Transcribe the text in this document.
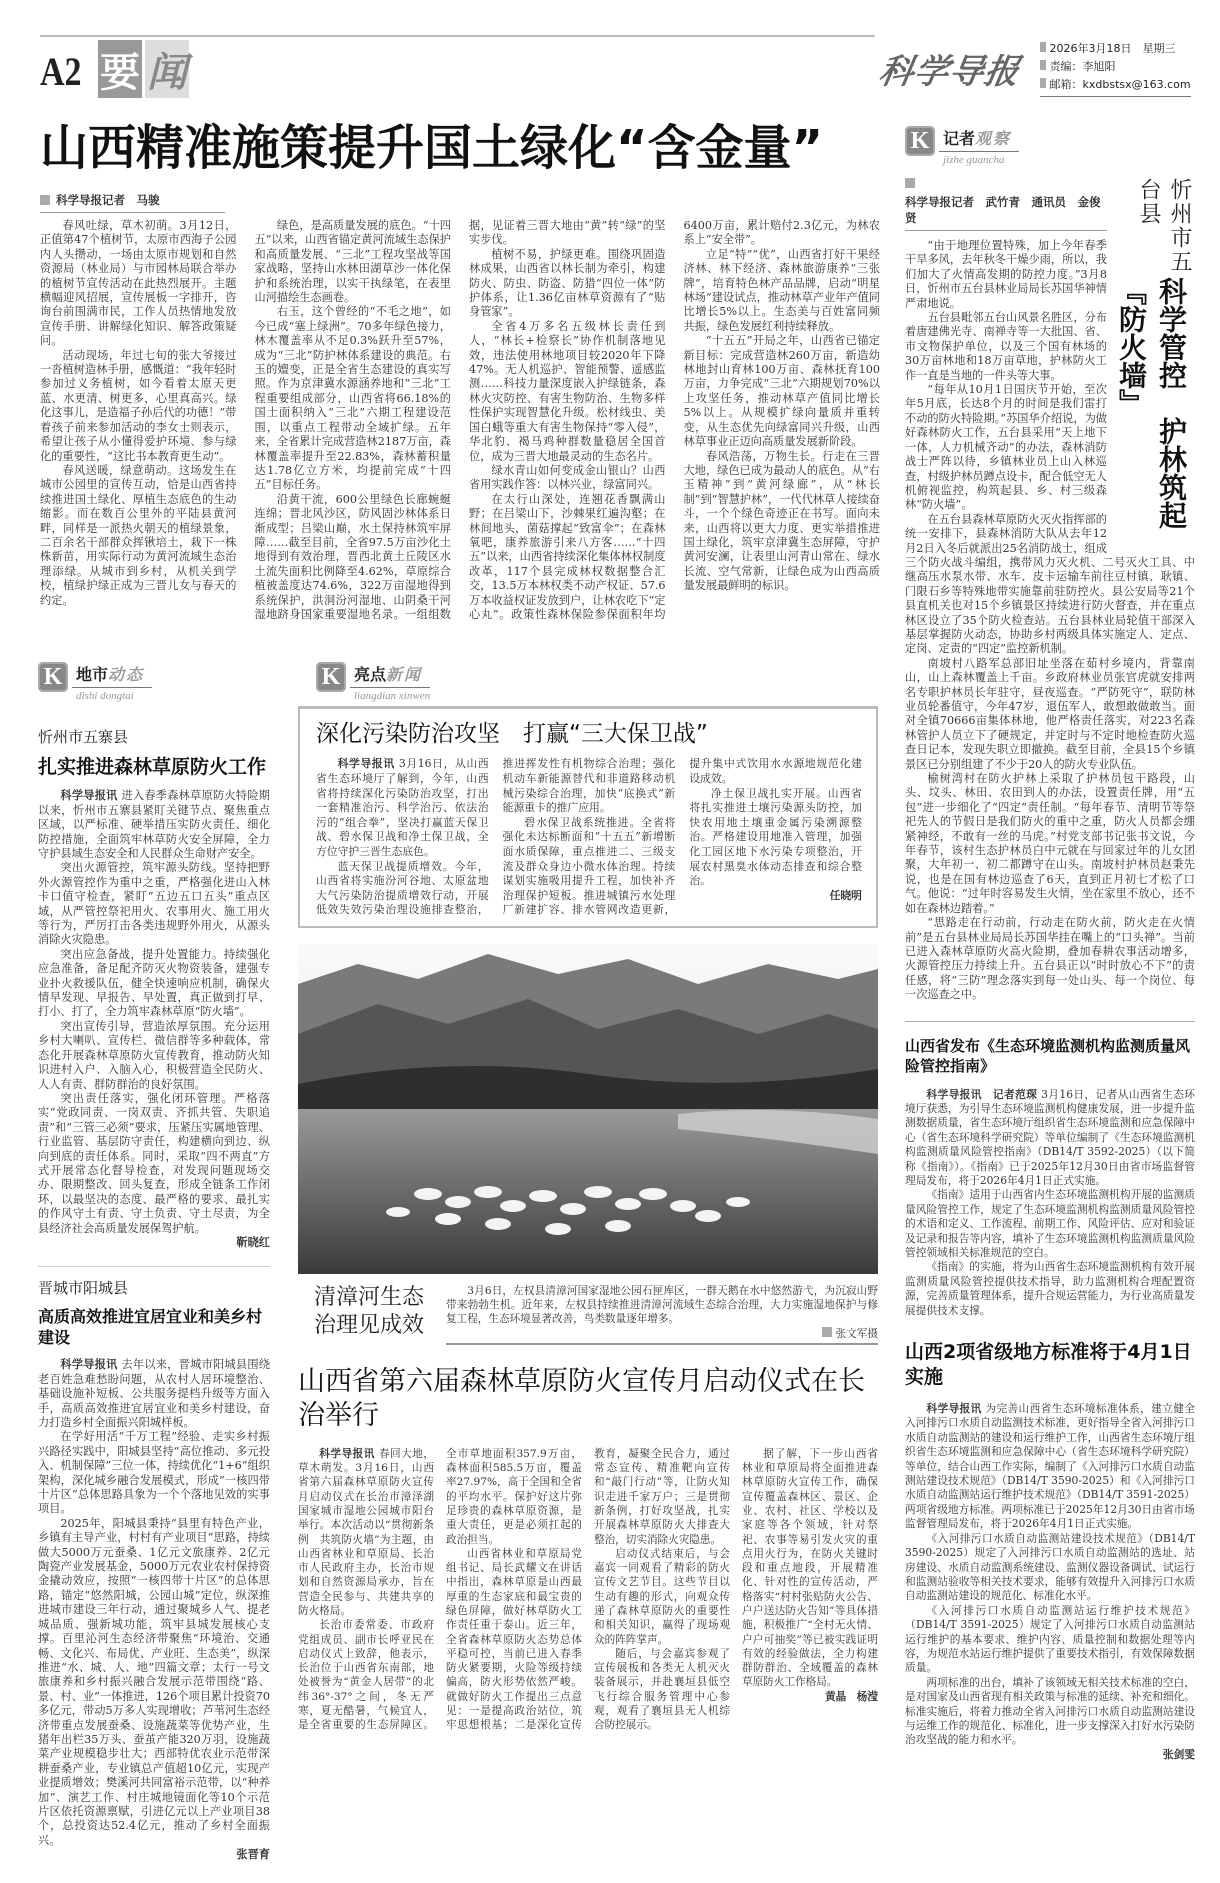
A2 要 闻	科学导报
2026年3月18日　星期三
责编：李旭阳
邮箱：kxdbstsx@163.com
山西精准施策提升国土绿化“含金量”
科学导报记者　马骏

春风吐绿，草木初萌。3月12日，正值第47个植树节，太原市西海子公园内人头攒动，一场由太原市规划和自然资源局（林业局）与市园林局联合举办的植树节宣传活动在此热烈展开。主题横幅迎风招展，宣传展板一字排开，咨询台前围满市民，工作人员热情地发放宣传手册、讲解绿化知识、解答政策疑问。

活动现场，年过七旬的张大爷接过一沓植树造林手册，感慨道：“我年轻时参加过义务植树，如今看着太原天更蓝、水更清、树更多，心里真高兴。绿化这事儿，是造福子孙后代的功德！”带着孩子前来参加活动的李女士则表示，希望让孩子从小懂得爱护环境、参与绿化的重要性，“这比书本教育更生动”。

春风送暖，绿意萌动。这场发生在城市公园里的宣传互动，恰是山西省持续推进国土绿化、厚植生态底色的生动缩影。而在数百公里外的平陆县黄河畔，同样是一派热火朝天的植绿景象，二百余名干部群众挥锹培土，栽下一株株新苗，用实际行动为黄河流域生态治理添绿。从城市到乡村，从机关到学校，植绿护绿正成为三晋儿女与春天的约定。

绿色，是高质量发展的底色。“十四五”以来，山西省锚定黄河流域生态保护和高质量发展、“三北”工程攻坚战等国家战略，坚持山水林田湖草沙一体化保护和系统治理，以实干执绿笔，在表里山河描绘生态画卷。

右玉，这个曾经的“不毛之地”，如今已成“塞上绿洲”。70多年绿色接力，林木覆盖率从不足0.3%跃升至57%，成为“三北”防护林体系建设的典范。右玉的嬗变，正是全省生态建设的真实写照。作为京津冀水源涵养地和“三北”工程重要组成部分，山西省将66.18%的国土面积纳入“三北”六期工程建设范围，以重点工程带动全域扩绿。五年来，全省累计完成营造林2187万亩，森林覆盖率提升至22.83%，森林蓄积量达1.78亿立方米，均提前完成“十四五”目标任务。

沿黄干流，600公里绿色长廊蜿蜒连绵；晋北风沙区，防风固沙林体系日渐成型；吕梁山巅，水土保持林筑牢屏障……截至目前，全省97.5万亩沙化土地得到有效治理，晋西北黄土丘陵区水土流失面积比例降至4.62%，草原综合植被盖度达74.6%，322万亩湿地得到系统保护，洪洞汾河湿地、山阴桑干河湿地跻身国家重要湿地名录。一组组数据，见证着三晋大地由“黄”转“绿”的坚实步伐。

植树不易，护绿更难。围绕巩固造林成果，山西省以林长制为牵引，构建防火、防虫、防盗、防猎“四位一体”防护体系，让1.36亿亩林草资源有了“贴身管家”。

全省4万多名五级林长责任到人，“林长+检察长”协作机制落地见效，违法使用林地项目较2020年下降47%。无人机巡护、智能预警、遥感监测……科技力量深度嵌入护绿链条，森林火灾防控、有害生物防治、生物多样性保护实现智慧化升级。松材线虫、美国白蛾等重大有害生物保持“零入侵”，华北豹、褐马鸡种群数量稳居全国首位，成为三晋大地最灵动的生态名片。

绿水青山如何变成金山银山？山西省用实践作答：以林兴业，绿富同兴。

在太行山深处，连翘花香飘满山野；在吕梁山下，沙棘果红遍沟壑；在林间地头，菌菇撑起“致富伞”；在森林氧吧，康养旅游引来八方客……“十四五”以来，山西省持续深化集体林权制度改革，117个县完成林权数据整合汇交，13.5万本林权类不动产权证、57.6万本收益权证发放到户，让林农吃下“定心丸”。政策性森林保险参保面积年均6400万亩，累计赔付2.3亿元，为林农系上“安全带”。

立足“特”“优”，山西省打好干果经济林、林下经济、森林旅游康养“三张牌”，培育特色林产品品牌，启动“明星林场”建设试点，推动林草产业年产值同比增长5%以上。生态美与百姓富同频共振，绿色发展红利持续释放。

“十五五”开局之年，山西省已锚定新目标：完成营造林260万亩，新造幼林地封山育林100万亩、森林抚育100万亩，力争完成“三北”六期规划70%以上攻坚任务，推动林草产值同比增长5%以上。从规模扩绿向量质并重转变，从生态优先向绿富同兴升级，山西林草事业正迈向高质量发展新阶段。

春风浩荡，万物生长。行走在三晋大地，绿色已成为最动人的底色。从“右玉精神”到“黄河绿廊”，从“林长制”到“智慧护林”，一代代林草人接续奋斗，一个个绿色奇迹正在书写。面向未来，山西将以更大力度、更实举措推进国土绿化，筑牢京津冀生态屏障，守护黄河安澜，让表里山河青山常在、绿水长流、空气常新，让绿色成为山西高质量发展最鲜明的标识。

K 地市动态
dishi dongtai
忻州市五寨县
扎实推进森林草原防火工作

科学导报讯 进入春季森林草原防火特险期以来，忻州市五寨县紧盯关键节点、聚焦重点区域，以严标准、硬举措压实防火责任、细化防控措施，全面筑牢林草防火安全屏障，全力守护县域生态安全和人民群众生命财产安全。

突出火源管控，筑牢源头防线。坚持把野外火源管控作为重中之重，严格强化进山入林卡口值守检查，紧盯“五边五口五头”重点区域，从严管控祭祀用火、农事用火、施工用火等行为，严厉打击各类违规野外用火，从源头消除火灾隐患。

突出应急备战，提升处置能力。持续强化应急准备，备足配齐防灭火物资装备，建强专业扑火救援队伍，健全快速响应机制，确保火情早发现、早报告、早处置，真正做到打早、打小、打了，全力筑牢森林草原“防火墙”。

突出宣传引导，营造浓厚氛围。充分运用乡村大喇叭、宣传栏、微信群等多种载体，常态化开展森林草原防火宣传教育，推动防火知识进村入户、入脑入心，积极营造全民防火、人人有责、群防群治的良好氛围。

突出责任落实，强化闭环管理。严格落实“党政同责、一岗双责、齐抓共管、失职追责”和“三管三必须”要求，压紧压实属地管理、行业监管、基层防守责任，构建横向到边、纵向到底的责任体系。同时，采取“四不两直”方式开展常态化督导检查，对发现问题现场交办、限期整改、回头复查，形成全链条工作闭环，以最坚决的态度、最严格的要求、最扎实的作风守土有责、守土负责、守土尽责，为全县经济社会高质量发展保驾护航。

靳晓红
晋城市阳城县
高质高效推进宜居宜业和美乡村建设

科学导报讯 去年以来，晋城市阳城县围绕老百姓急难愁盼问题，从农村人居环境整治、基础设施补短板、公共服务提档升级等方面入手，高质高效推进宜居宜业和美乡村建设，奋力打造乡村全面振兴阳城样板。

在学好用活“千万工程”经验、走实乡村振兴路径实践中，阳城县坚持“高位推动、多元投入、机制保障”三位一体，持续优化“1+6”组织架构，深化城乡融合发展模式，形成“一核四带十片区”总体思路具象为一个个落地见效的实事项目。

2025年，阳城县秉持“县里有特色产业，乡镇有主导产业，村村有产业项目”思路，持续做大5000万元蚕桑、1亿元文旅康养、2亿元陶瓷产业发展基金，5000万元农业农村保持资金撬动效应，按照“一核四带十片区”的总体思路，锚定“悠然阳城，公园山城”定位，纵深推进城市建设三年行动，通过聚城乡人气、提老城品质、强新城功能，筑牢县城发展核心支撑。百里沁河生态经济带聚焦“环境治、交通畅、文化兴、布局优、产业旺、生态美”，纵深推进“水、城、人、地”四篇文章；太行一号文旅康养和乡村振兴融合发展示范带围绕“路、景、村、业”一体推进，126个项目累计投资70多亿元，带动5万多人实现增收；芦苇河生态经济带重点发展蚕桑、设施蔬菜等优势产业，生猪年出栏35万头、蚕茧产能320万羽，设施蔬菜产业规模稳步壮大；西部特优农业示范带深耕蚕桑产业，专业镇总产值超10亿元，实现产业提质增效；樊溪河共同富裕示范带，以“种养加”、演艺工作、村庄城地镜面化等10个示范片区依托资源禀赋，引进亿元以上产业项目38个，总投资达52.4亿元，推动了乡村全面振兴。

张晋育
K 亮点新闻
liangdian xinwen
深化污染防治攻坚　打赢“三大保卫战”

科学导报讯 3月16日，从山西省生态环境厅了解到，今年，山西省将持续深化污染防治攻坚，打出一套精准治污、科学治污、依法治污的“组合拳”，坚决打赢蓝天保卫战、碧水保卫战和净土保卫战，全方位守护三晋生态底色。

蓝天保卫战提质增效。今年，山西省将实施汾河谷地、太原盆地大气污染防治提质增效行动，开展低效失效污染治理设施排查整治，推进挥发性有机物综合治理；强化机动车新能源替代和非道路移动机械污染综合治理，加快“底换式”新能源重卡的推广应用。

碧水保卫战系统推进。全省将强化未达标断面和“十五五”新增断面水质保障，重点推进二、三级支流及群众身边小微水体治理。持续谋划实施吸用提升工程，加快补齐治理保护短板。推进城镇污水处理厂新建扩容、排水管网改造更新，提升集中式饮用水水源地规范化建设成效。

净土保卫战扎实开展。山西省将扎实推进土壤污染源头防控，加快农用地土壤重金属污染溯源整治。严格建设用地准入管理，加强化工园区地下水污染专项整治，开展农村黑臭水体动态排查和综合整治。

任晓明
清漳河生态
治理见成效

3月6日，左权县清漳河国家湿地公园石匣库区，一群天鹅在水中悠然游弋，为沉寂山野带来勃勃生机。近年来，左权县持续推进清漳河流域生态综合治理，大力实施湿地保护与修复工程，生态环境显著改善，鸟类数量逐年增多。

张文军摄
山西省第六届森林草原防火宣传月启动仪式在长治举行

科学导报讯 春回大地，草木萌发。3月16日，山西省第六届森林草原防火宣传月启动仪式在长治市漳泽湖国家城市湿地公园城市阳台举行。本次活动以“贯彻新条例　共筑防火墙”为主题，由山西省林业和草原局、长治市人民政府主办，长治市规划和自然资源局承办，旨在营造全民参与、共建共享的防火格局。

长治市委常委、市政府党组成员、副市长呼亚民在启动仪式上致辞，他表示，长治位于山西省东南部，地处被誉为“黄金人居带”的北纬36°-37°之间，冬无严寒，夏无酷暑，气候宜人，是全省重要的生态屏障区。全市草地面积357.9万亩，森林面积585.5万亩，覆盖率27.97%，高于全国和全省的平均水平。保护好这片弥足珍贵的森林草原资源，是重大责任，更是必须扛起的政治担当。

山西省林业和草原局党组书记、局长武耀文在讲话中指出，森林草原是山西最厚重的生态家底和最宝贵的绿色屏障，做好林草防火工作责任重于泰山。近三年，全省森林草原防火态势总体平稳可控，当前已进入春季防火紧要期，火险等级持续偏高，防火形势依然严峻。就做好防火工作提出三点意见：一是提高政治站位，筑牢思想根基；二是深化宣传教育，凝聚全民合力，通过常态宣传、精准靶向宣传和“敲门行动”等，让防火知识走进千家万户；三是贯彻新条例，打好攻坚战，扎实开展森林草原防火大排查大整治，切实消除火灾隐患。

启动仪式结束后，与会嘉宾一同观看了精彩的防火宣传文艺节目。这些节目以生动有趣的形式，向观众传递了森林草原防火的重要性和相关知识，赢得了现场观众的阵阵掌声。

随后，与会嘉宾参观了宣传展板和各类无人机灭火装备展示，并赴襄垣县低空飞行综合服务管理中心参观，观看了襄垣县无人机综合防控展示。

据了解，下一步山西省林业和草原局将全面推进森林草原防火宣传工作，确保宣传覆盖森林区、景区、企业、农村、社区、学校以及家庭等各个领域，针对祭祀、农事等易引发火灾的重点用火行为，在防火关键时段和重点地段，开展精准化、针对性的宣传活动，严格落实“村村张贴防火公告、户户送达防火告知”等具体措施，积极推广“全村无火情、户户可抽奖”等已被实践证明有效的经验做法，全力构建群防群治、全域覆盖的森林草原防火工作格局。

黄晶　杨滢
K 记者观察
jizhe guancha
忻州市五台县
科学管控　护林筑起『防火墙』
科学导报记者　武竹青　通讯员　金俊贤

“由于地理位置特殊，加上今年春季干旱多风，去年秋冬干燥少雨，所以，我们加大了火情高发期的防控力度。”3月8日，忻州市五台县林业局局长苏国华神情严肃地说。

五台县毗邻五台山风景名胜区，分布着唐建佛光寺、南禅寺等一大批国、省、市文物保护单位，以及三个国有林场的30万亩林地和18万亩草地，护林防火工作一直是当地的一件头等大事。

“每年从10月1日国庆节开始，至次年5月底，长达8个月的时间是我们雷打不动的防火特险期。”苏国华介绍说，为做好森林防火工作，五台县采用“天上地下一体，人力机械齐动”的办法，森林消防战士严阵以待，乡镇林业员上山入林巡查，村级护林员蹲点设卡，配合低空无人机俯视监控，构筑起县、乡、村三级森林“防火墙”。

在五台县森林草原防火灭火指挥部的统一安排下，县森林消防大队从去年12月2日入冬后就派出25名消防战士，组成三个防火战斗编组，携带风力灭火机、二号灭火工具、中继高压水泵水带、水车、皮卡运输车前往豆村镇、耿镇、门限石乡等特殊地带实施靠前驻防控火。县公安局等21个县直机关也对15个乡镇景区持续进行防火督查，并在重点林区设立了35个防火检查站。五台县林业局轮值干部深入基层掌握防火动态，协助乡村两级具体实施定人、定点、定岗、定责的“四定”监控新机制。

南坡村八路军总部旧址坐落在茹村乡境内，背靠南山，山上森林覆盖上千亩。乡政府林业员张官虎就安排两名专职护林员长年驻守，昼夜巡查。“严防死守”，联防林业员轮番值守，今年47岁，退伍军人，敢想敢做敢当。面对全镇70666亩集体林地，他严格责任落实，对223名森林管护人员立下了硬规定，并定时与不定时地检查防火巡查日记本，发现失职立即撤换。截至目前，全县15个乡镇景区已分别组建了不少于20人的防火专业队伍。

榆树湾村在防火护林上采取了护林员包干路段，山头、坟头、林田、农田到人的办法，设置责任牌，用“五包”进一步细化了“四定”责任制。“每年春节、清明节等祭祀先人的节假日是我们防火的重中之重，防火人员都会绷紧神经，不敢有一丝的马虎。”村党支部书记张书文说，今年春节，该村生态护林员白中元就在与回家过年的儿女团聚，大年初一、初二都蹲守在山头。南坡村护林员赵秉先说，也是在国有林边巡查了6天，直到正月初七才松了口气。他说：“过年时容易发生火情，坐在家里不放心，还不如在森林边踏着。”

“思路走在行动前，行动走在防火前，防火走在火情前”是五台县林业局局长苏国华挂在嘴上的“口头禅”。当前已进入森林草原防火高火险期，叠加春耕农事活动增多，火源管控压力持续上升。五台县正以“时时放心不下”的责任感，将“三防”理念落实到每一处山头、每一个岗位、每一次巡查之中。

山西省发布《生态环境监测机构监测质量风险管控指南》

科学导报讯　记者范琛 3月16日，记者从山西省生态环境厅获悉，为引导生态环境监测机构健康发展，进一步提升监测数据质量，省生态环境厅组织省生态环境监测和应急保障中心（省生态环境科学研究院）等单位编制了《生态环境监测机构监测质量风险管控指南》（DB14/T 3592-2025）（以下简称《指南》）。《指南》已于2025年12月30日由省市场监督管理局发布，将于2026年4月1日正式实施。

《指南》适用于山西省内生态环境监测机构开展的监测质量风险管控工作，规定了生态环境监测机构监测质量风险管控的术语和定义、工作流程、前期工作、风险评估、应对和验证及记录和报告等内容，填补了生态环境监测机构监测质量风险管控领域相关标准规范的空白。

《指南》的实施，将为山西省生态环境监测机构有效开展监测质量风险管控提供技术指导，助力监测机构合理配置资源，完善质量管理体系，提升合规运营能力，为行业高质量发展提供技术支撑。

山西2项省级地方标准将于4月1日实施

科学导报讯 为完善山西省生态环境标准体系，建立健全入河排污口水质自动监测技术标准，更好指导全省入河排污口水质自动监测站的建设和运行维护工作，山西省生态环境厅组织省生态环境监测和应急保障中心（省生态环境科学研究院）等单位，结合山西工作实际，编制了《入河排污口水质自动监测站建设技术规范》（DB14/T 3590-2025）和《入河排污口水质自动监测站运行维护技术规范》（DB14/T 3591-2025）两项省级地方标准。两项标准已于2025年12月30日由省市场监督管理局发布，将于2026年4月1日正式实施。

《入河排污口水质自动监测站建设技术规范》（DB14/T 3590-2025）规定了入河排污口水质自动监测站的选址、站房建设、水质自动监测系统建设、监测仪器设备调试、试运行和监测站验收等相关技术要求，能够有效提升入河排污口水质自动监测站建设的规范化、标准化水平。

《入河排污口水质自动监测站运行维护技术规范》（DB14/T 3591-2025）规定了入河排污口水质自动监测站运行维护的基本要求、维护内容、质量控制和数据处理等内容，为规范水站运行维护提供了重要技术指引，有效保障数据质量。

两项标准的出台，填补了该领域无相关技术标准的空白，是对国家及山西省现有相关政策与标准的延续、补充和细化。标准实施后，将着力推动全省入河排污口水质自动监测站建设与运维工作的规范化、标准化，进一步支撑深入打好水污染防治攻坚战的能力和水平。

张剑雯
